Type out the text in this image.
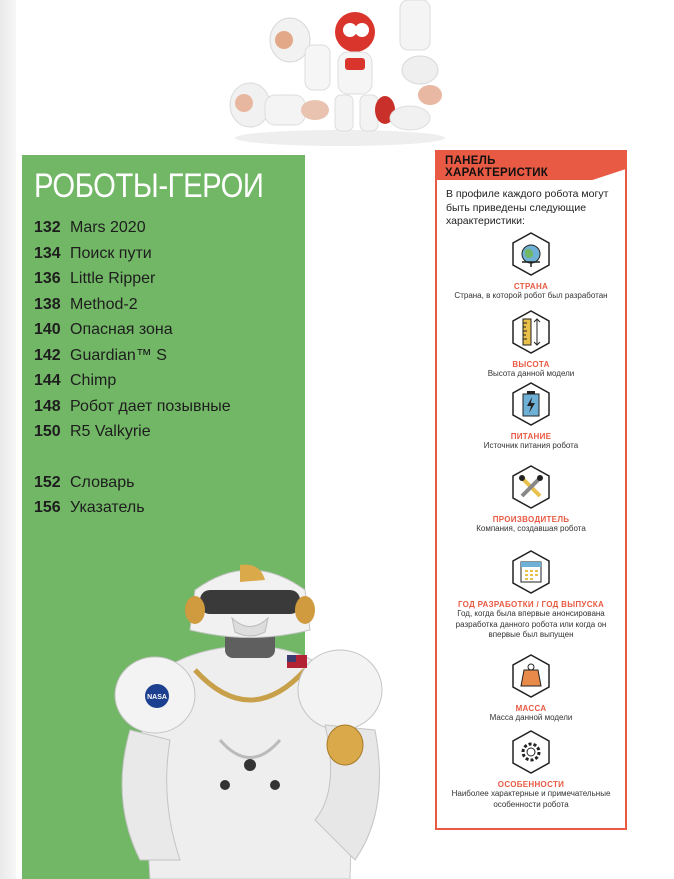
РОБОТЫ-ГЕРОИ
132 Mars 2020
134 Поиск пути
136 Little Ripper
138 Method-2
140 Опасная зона
142 Guardian™ S
144 Chimp
148 Робот дает позывные
150 R5 Valkyrie
152 Словарь
156 Указатель
NASA
ПАНЕЛЬ
ХАРАКТЕРИСТИК
В профиле каждого робота могут быть приведены следующие характеристики:
СТРАНА
Страна, в которой робот был разработан
ВЫСОТА
Высота данной модели
ПИТАНИЕ
Источник питания робота
ПРОИЗВОДИТЕЛЬ
Компания, создавшая робота
ГОД РАЗРАБОТКИ / ГОД ВЫПУСКА
Год, когда была впервые анонсирована разработка данного робота или когда он впервые был выпущен
МАССА
Масса данной модели
ОСОБЕННОСТИ
Наиболее характерные и примечательные особенности робота
